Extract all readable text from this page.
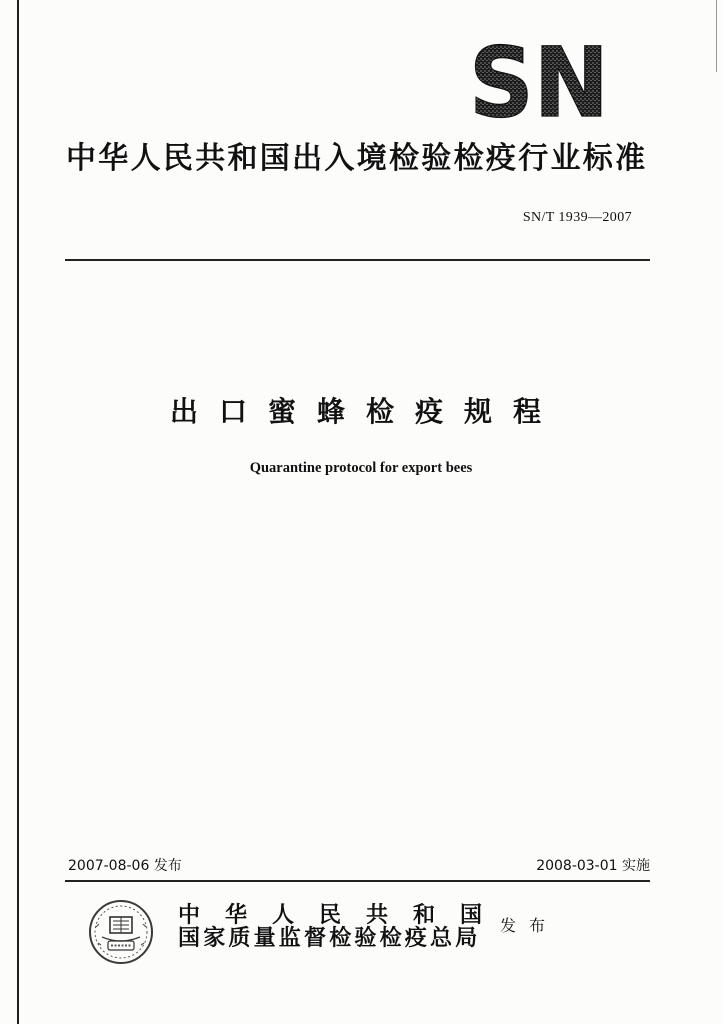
SN
中华人民共和国出入境检验检疫行业标准
SN/T 1939—2007
出口蜜蜂检疫规程
Quarantine protocol for export bees
2007-08-06 发布	2008-03-01 实施
中华人民共和国
国家质量监督检验检疫总局 发布
